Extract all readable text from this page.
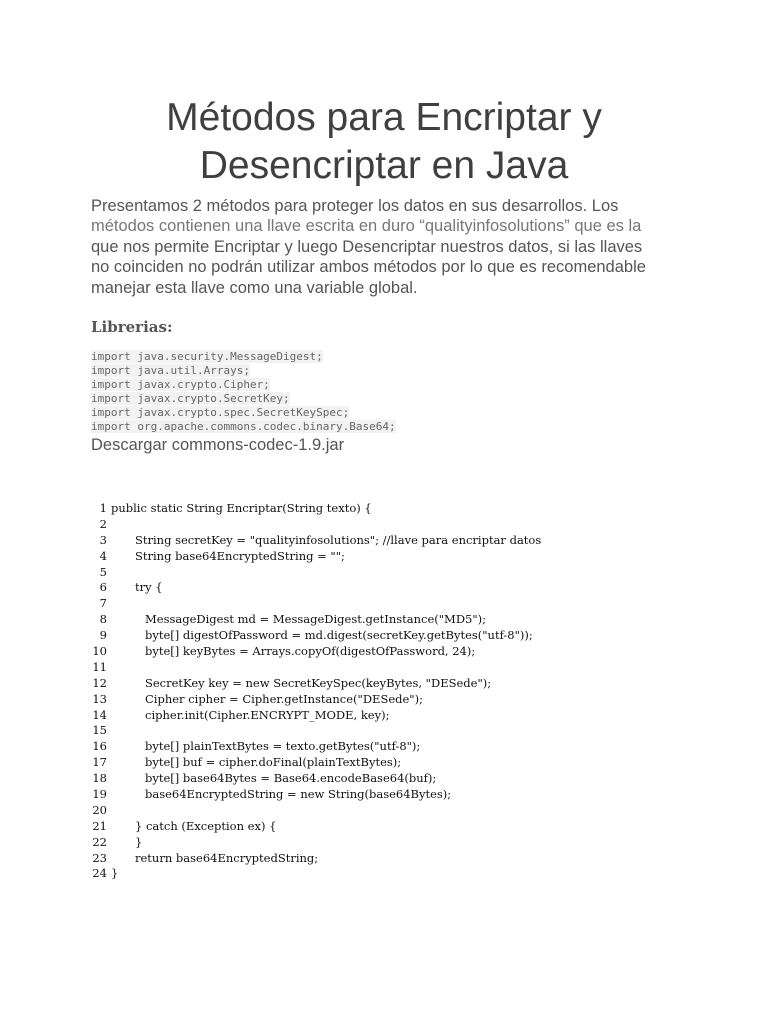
Métodos para Encriptar y
Desencriptar en Java

Presentamos 2 métodos para proteger los datos en sus desarrollos. Los
métodos contienen una llave escrita en duro “qualityinfosolutions” que es la
que nos permite Encriptar y luego Desencriptar nuestros datos, si las llaves
no coinciden no podrán utilizar ambos métodos por lo que es recomendable
manejar esta llave como una variable global.

Librerias:
import java.security.MessageDigest;
import java.util.Arrays;
import javax.crypto.Cipher;
import javax.crypto.SecretKey;
import javax.crypto.spec.SecretKeySpec;
import org.apache.commons.codec.binary.Base64;

Descargar commons-codec-1.9.jar

1 public static String Encriptar(String texto) {
2
3	String secretKey = "qualityinfosolutions"; //llave para encriptar datos
4	String base64EncryptedString = "";
5
6	try {
7
8	MessageDigest md = MessageDigest.getInstance("MD5");
9	byte[] digestOfPassword = md.digest(secretKey.getBytes("utf-8"));
10	byte[] keyBytes = Arrays.copyOf(digestOfPassword, 24);
11
12	SecretKey key = new SecretKeySpec(keyBytes, "DESede");
13	Cipher cipher = Cipher.getInstance("DESede");
14	cipher.init(Cipher.ENCRYPT_MODE, key);
15
16	byte[] plainTextBytes = texto.getBytes("utf-8");
17	byte[] buf = cipher.doFinal(plainTextBytes);
18	byte[] base64Bytes = Base64.encodeBase64(buf);
19	base64EncryptedString = new String(base64Bytes);
20
21	} catch (Exception ex) {
22	}
23	return base64EncryptedString;
24 }
